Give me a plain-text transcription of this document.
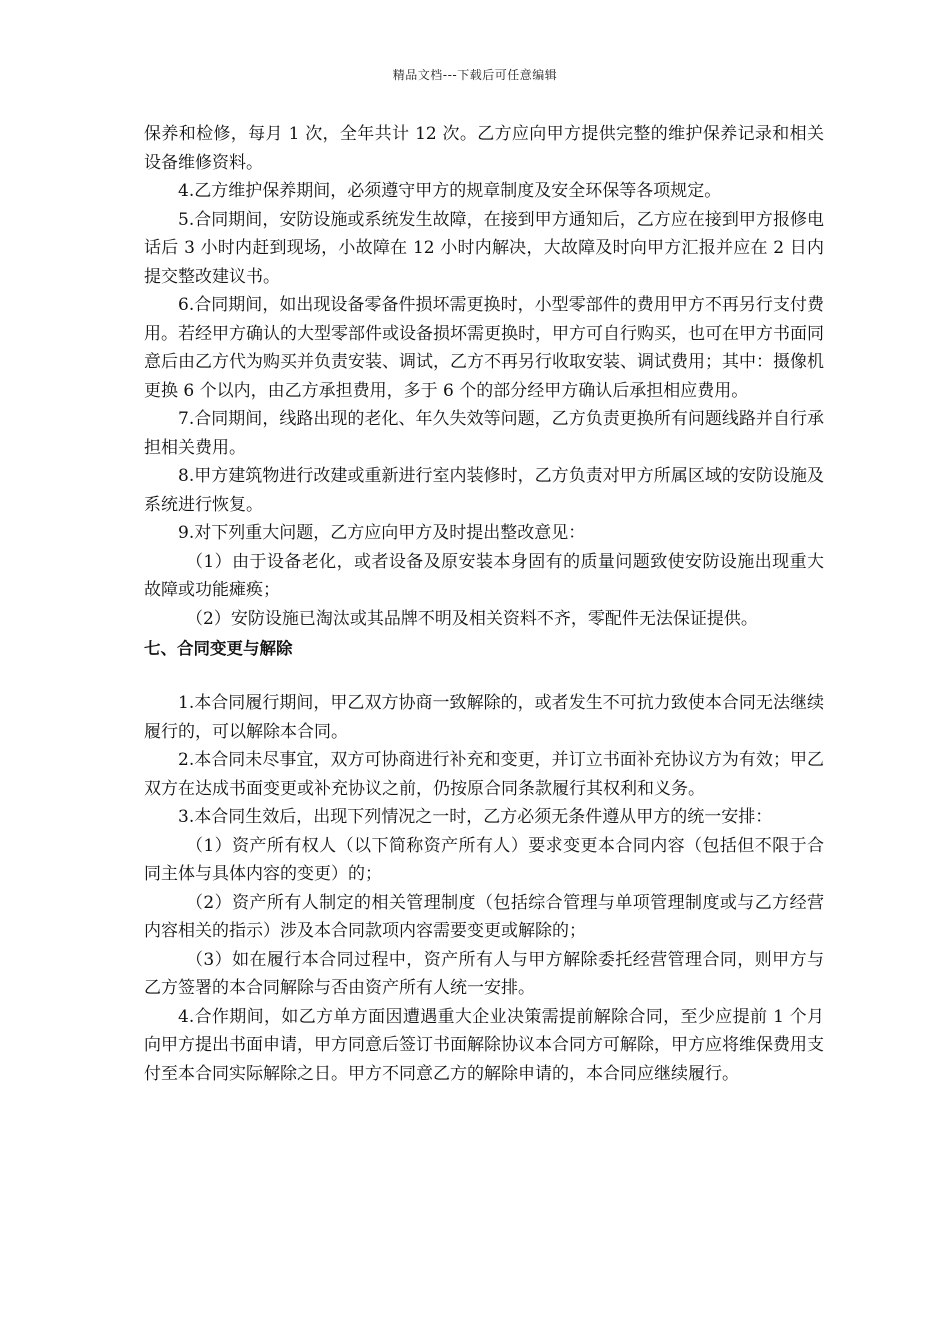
精品文档---下载后可任意编辑

保养和检修，每月 1 次，全年共计 12 次。乙方应向甲方提供完整的维护保养记录和相关设备维修资料。

4.乙方维护保养期间，必须遵守甲方的规章制度及安全环保等各项规定。

5.合同期间，安防设施或系统发生故障，在接到甲方通知后，乙方应在接到甲方报修电话后 3 小时内赶到现场，小故障在 12 小时内解决，大故障及时向甲方汇报并应在 2 日内提交整改建议书。

6.合同期间，如出现设备零备件损坏需更换时，小型零部件的费用甲方不再另行支付费用。若经甲方确认的大型零部件或设备损坏需更换时，甲方可自行购买，也可在甲方书面同意后由乙方代为购买并负责安装、调试，乙方不再另行收取安装、调试费用；其中：摄像机更换 6 个以内，由乙方承担费用，多于 6 个的部分经甲方确认后承担相应费用。

7.合同期间，线路出现的老化、年久失效等问题，乙方负责更换所有问题线路并自行承担相关费用。

8.甲方建筑物进行改建或重新进行室内装修时，乙方负责对甲方所属区域的安防设施及系统进行恢复。

9.对下列重大问题，乙方应向甲方及时提出整改意见：

（1）由于设备老化，或者设备及原安装本身固有的质量问题致使安防设施出现重大故障或功能瘫痪；

（2）安防设施已淘汰或其品牌不明及相关资料不齐，零配件无法保证提供。

七、合同变更与解除

1.本合同履行期间，甲乙双方协商一致解除的，或者发生不可抗力致使本合同无法继续履行的，可以解除本合同。

2.本合同未尽事宜，双方可协商进行补充和变更，并订立书面补充协议方为有效；甲乙双方在达成书面变更或补充协议之前，仍按原合同条款履行其权利和义务。

3.本合同生效后，出现下列情况之一时，乙方必须无条件遵从甲方的统一安排：

（1）资产所有权人（以下简称资产所有人）要求变更本合同内容（包括但不限于合同主体与具体内容的变更）的；

（2）资产所有人制定的相关管理制度（包括综合管理与单项管理制度或与乙方经营内容相关的指示）涉及本合同款项内容需要变更或解除的；

（3）如在履行本合同过程中，资产所有人与甲方解除委托经营管理合同，则甲方与乙方签署的本合同解除与否由资产所有人统一安排。

4.合作期间，如乙方单方面因遭遇重大企业决策需提前解除合同，至少应提前 1 个月向甲方提出书面申请，甲方同意后签订书面解除协议本合同方可解除，甲方应将维保费用支付至本合同实际解除之日。甲方不同意乙方的解除申请的，本合同应继续履行。
